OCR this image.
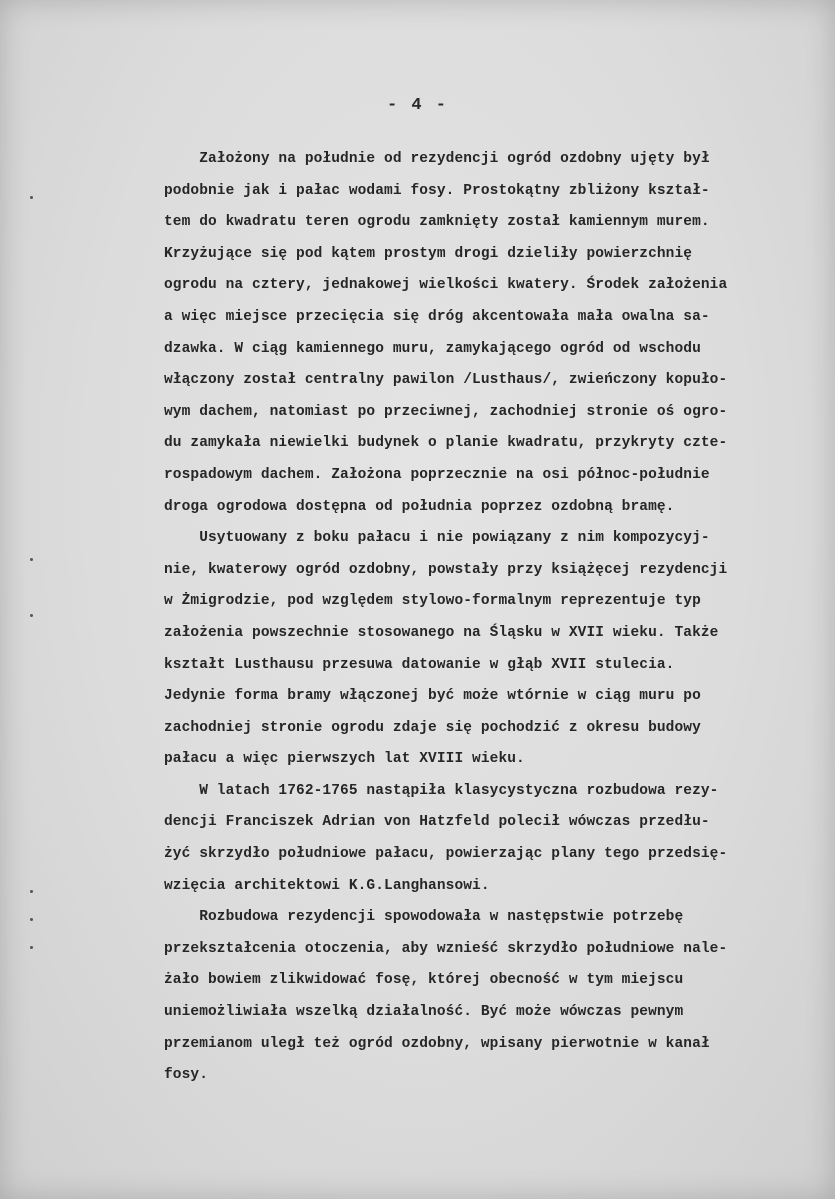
- 4 -
Założony na południe od rezydencji ogród ozdobny ujęty był
podobnie jak i pałac wodami fosy. Prostokątny zbliżony kształ-
tem do kwadratu teren ogrodu zamknięty został kamiennym murem.
Krzyżujące się pod kątem prostym drogi dzieliły powierzchnię
ogrodu na cztery, jednakowej wielkości kwatery. Środek założenia
a więc miejsce przecięcia się dróg akcentowała mała owalna sa-
dzawka. W ciąg kamiennego muru, zamykającego ogród od wschodu
włączony został centralny pawilon /Lusthaus/, zwieńczony kopuło-
wym dachem, natomiast po przeciwnej, zachodniej stronie oś ogro-
du zamykała niewielki budynek o planie kwadratu, przykryty czte-
rospadowym dachem. Założona poprzecznie na osi północ-południe
droga ogrodowa dostępna od południa poprzez ozdobną bramę.
Usytuowany z boku pałacu i nie powiązany z nim kompozycyj-
nie, kwaterowy ogród ozdobny, powstały przy książęcej rezydencji
w Żmigrodzie, pod względem stylowo-formalnym reprezentuje typ
założenia powszechnie stosowanego na Śląsku w XVII wieku. Także
kształt Lusthausu przesuwa datowanie w głąb XVII stulecia.
Jedynie forma bramy włączonej być może wtórnie w ciąg muru po
zachodniej stronie ogrodu zdaje się pochodzić z okresu budowy
pałacu a więc pierwszych lat XVIII wieku.
W latach 1762-1765 nastąpiła klasycystyczna rozbudowa rezy-
dencji Franciszek Adrian von Hatzfeld polecił wówczas przedłu-
żyć skrzydło południowe pałacu, powierzając plany tego przedsię-
wzięcia architektowi K.G.Langhansowi.
Rozbudowa rezydencji spowodowała w następstwie potrzebę
przekształcenia otoczenia, aby wznieść skrzydło południowe nale-
żało bowiem zlikwidować fosę, której obecność w tym miejscu
uniemożliwiała wszelką działalność. Być może wówczas pewnym
przemianom uległ też ogród ozdobny, wpisany pierwotnie w kanał
fosy.
